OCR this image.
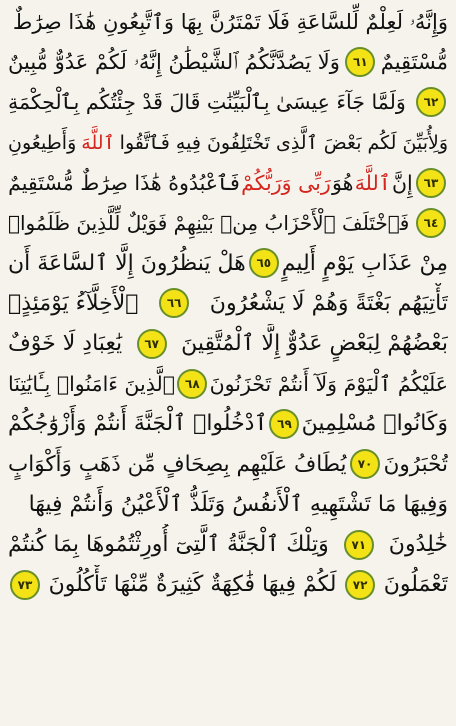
وَإِنَّهُۥ لَعِلْمٌ لِّلسَّاعَةِ فَلَا تَمْتَرُنَّ بِهَا وَٱتَّبِعُونِ هَٰذَا صِرَٰطٌ
مُّسْتَقِيمٌ
٦١
وَلَا يَصُدَّنَّكُمُ ٱلشَّيْطَٰنُ إِنَّهُۥ لَكُمْ عَدُوٌّ مُّبِينٌ
٦٢
وَلَمَّا جَآءَ عِيسَىٰ بِٱلْبَيِّنَٰتِ قَالَ قَدْ جِئْتُكُم بِٱلْحِكْمَةِ
وَلِأُبَيِّنَ لَكُم بَعْضَ ٱلَّذِى تَخْتَلِفُونَ فِيهِ فَٱتَّقُوا
ٱللَّهَ
وَأَطِيعُونِ
٦٣
إِنَّ
ٱللَّهَ
هُوَ
رَبِّى وَرَبُّكُمْ
فَٱعْبُدُوهُ هَٰذَا صِرَٰطٌ مُّسْتَقِيمٌ
٦٤
فَٱخْتَلَفَ ٱلْأَحْزَابُ مِنۢ بَيْنِهِمْ فَوَيْلٌ لِّلَّذِينَ ظَلَمُوا۟
مِنْ عَذَابِ يَوْمٍ أَلِيمٍ
٦٥
هَلْ يَنظُرُونَ إِلَّا ٱلسَّاعَةَ أَن
تَأْتِيَهُم بَغْتَةً وَهُمْ لَا يَشْعُرُونَ
٦٦
ٱلْأَخِلَّآءُ يَوْمَئِذٍۭ
بَعْضُهُمْ لِبَعْضٍ عَدُوٌّ إِلَّا ٱلْمُتَّقِينَ
٦٧
يَٰعِبَادِ لَا خَوْفٌ
عَلَيْكُمُ ٱلْيَوْمَ وَلَآ أَنتُمْ تَحْزَنُونَ
٦٨
ٱلَّذِينَ ءَامَنُوا۟ بِـَٔايَٰتِنَا
وَكَانُوا۟ مُسْلِمِينَ
٦٩
ٱدْخُلُوا۟ ٱلْجَنَّةَ أَنتُمْ وَأَزْوَٰجُكُمْ
تُحْبَرُونَ
٧٠
يُطَافُ عَلَيْهِم بِصِحَافٍ مِّن ذَهَبٍ وَأَكْوَابٍ
وَفِيهَا مَا تَشْتَهِيهِ ٱلْأَنفُسُ وَتَلَذُّ ٱلْأَعْيُنُ وَأَنتُمْ فِيهَا
خَٰلِدُونَ
٧١
وَتِلْكَ ٱلْجَنَّةُ ٱلَّتِىٓ أُورِثْتُمُوهَا بِمَا كُنتُمْ
تَعْمَلُونَ
٧٢
لَكُمْ فِيهَا فَٰكِهَةٌ كَثِيرَةٌ مِّنْهَا تَأْكُلُونَ
٧٣
